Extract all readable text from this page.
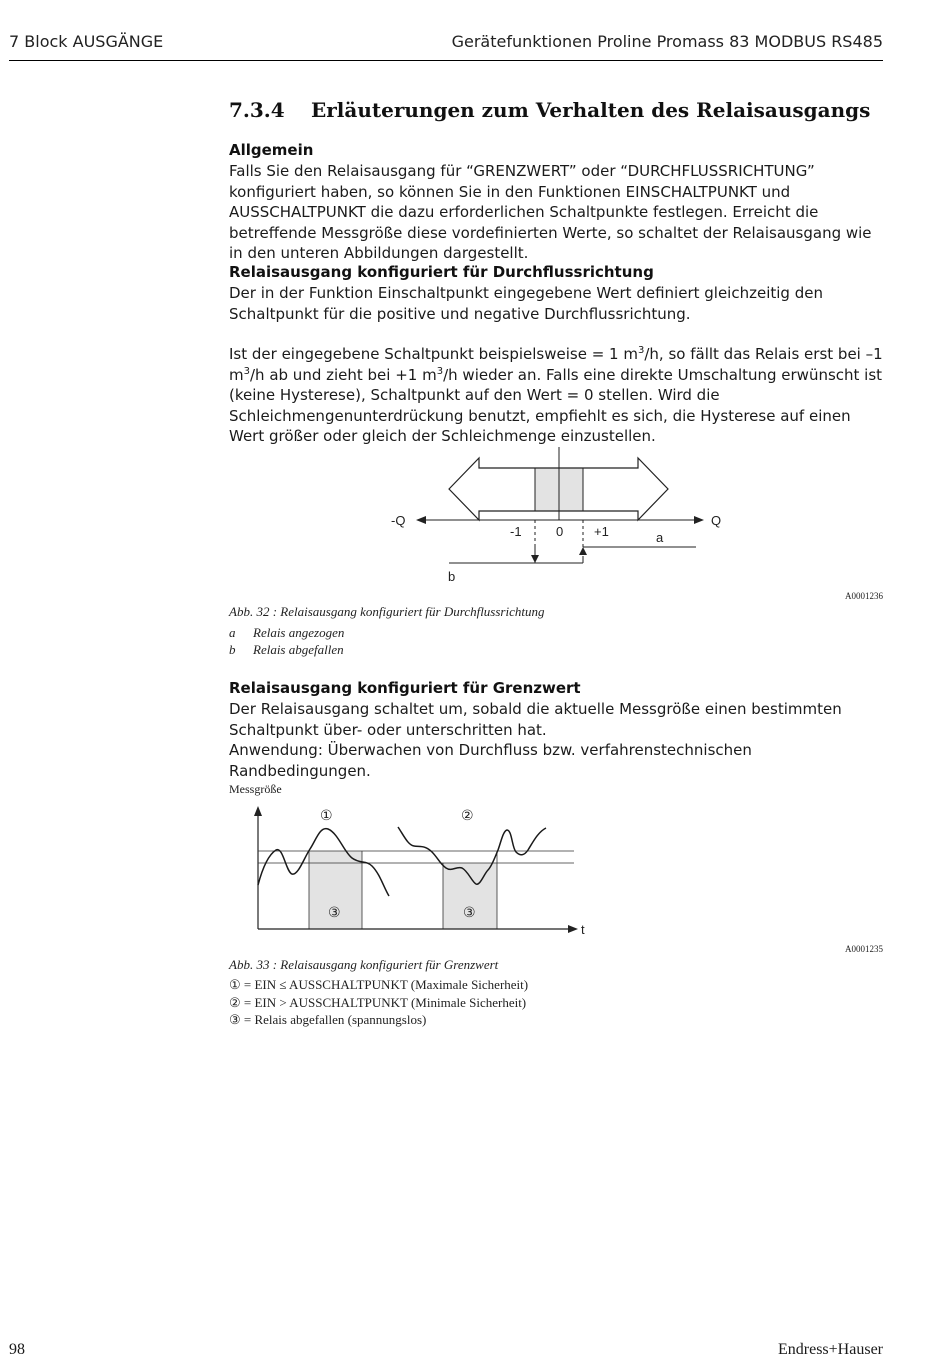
7 Block AUSGÄNGE	Gerätefunktionen Proline Promass 83 MODBUS RS485
7.3.4 Erläuterungen zum Verhalten des Relaisausgangs
Allgemein

Falls Sie den Relaisausgang für “GRENZWERT” oder “DURCHFLUSSRICHTUNG” konfiguriert haben, so können Sie in den Funktionen EINSCHALTPUNKT und AUSSCHALTPUNKT die dazu erforderlichen Schaltpunkte festlegen. Erreicht die betreffende Messgröße diese vordefinierten Werte, so schaltet der Relaisausgang wie in den unteren Abbildungen dargestellt.

Relaisausgang konfiguriert für Durchflussrichtung

Der in der Funktion Einschaltpunkt eingegebene Wert definiert gleichzeitig den Schaltpunkt für die positive und negative Durchflussrichtung.

Ist der eingegebene Schaltpunkt beispielsweise = 1 $m^3/h$, so fällt das Relais erst bei –1 $m^3/h$ ab und zieht bei +1 $m^3/h$ wieder an. Falls eine direkte Umschaltung erwünscht ist (keine Hysterese), Schaltpunkt auf den Wert = 0 stellen. Wird die Schleichmengenunterdrückung benutzt, empfiehlt es sich, die Hysterese auf einen Wert größer oder gleich der Schleichmenge einzustellen.

-Q	Q
-1	0 +1	a
b
A0001236
Abb. 32 : Relaisausgang konfiguriert für Durchflussrichtung
a Relais angezogen
b Relais abgefallen
Relaisausgang konfiguriert für Grenzwert

Der Relaisausgang schaltet um, sobald die aktuelle Messgröße einen bestimmten Schaltpunkt über- oder unterschritten hat.

Anwendung: Überwachen von Durchfluss bzw. verfahrenstechnischen Randbedingungen.

Messgröße
①	②
③	③
t
A0001235
Abb. 33 : Relaisausgang konfiguriert für Grenzwert
① = EIN ≤ AUSSCHALTPUNKT (Maximale Sicherheit)
② = EIN > AUSSCHALTPUNKT (Minimale Sicherheit)
③ = Relais abgefallen (spannungslos)
98	Endress+Hauser
